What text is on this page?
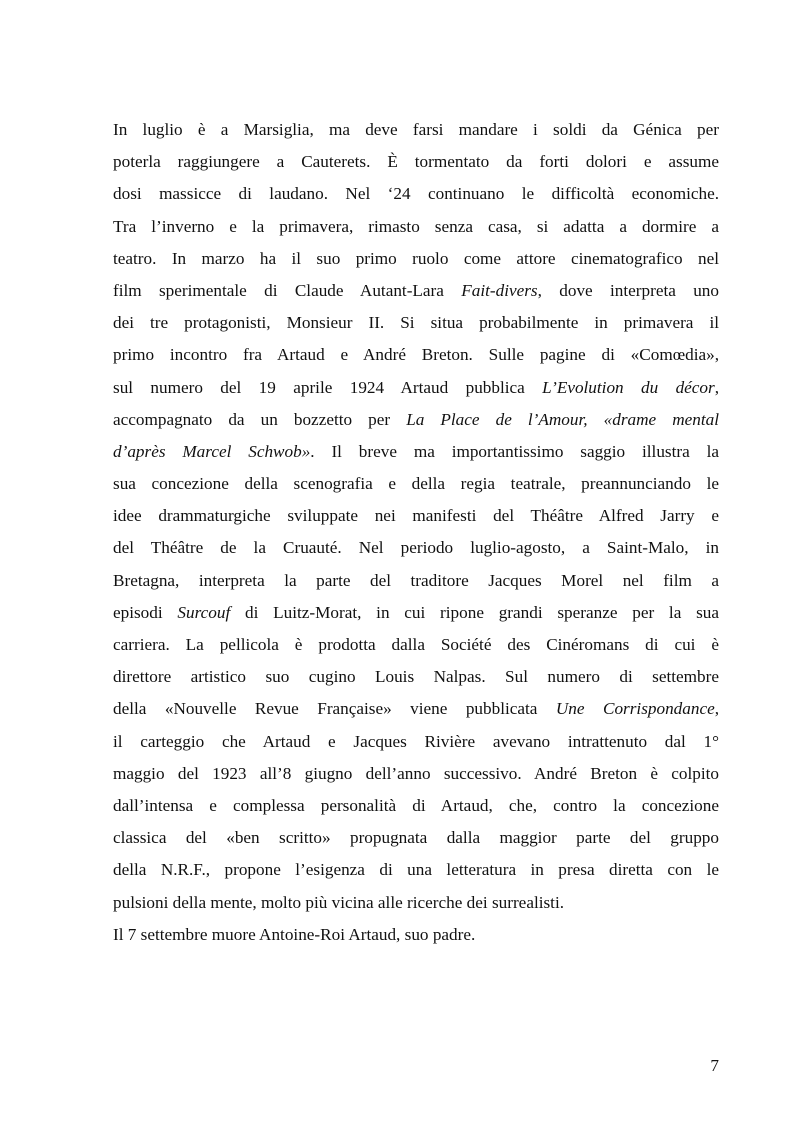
In luglio è a Marsiglia, ma deve farsi mandare i soldi da Génica per
poterla raggiungere a Cauterets. È tormentato da forti dolori e assume
dosi massicce di laudano. Nel ‘24 continuano le difficoltà economiche.
Tra l’inverno e la primavera, rimasto senza casa, si adatta a dormire a
teatro. In marzo ha il suo primo ruolo come attore cinematografico nel
film sperimentale di Claude Autant-Lara Fait-divers, dove interpreta uno
dei tre protagonisti, Monsieur II. Si situa probabilmente in primavera il
primo incontro fra Artaud e André Breton. Sulle pagine di «Comœdia»,
sul numero del 19 aprile 1924 Artaud pubblica L’Evolution du décor,
accompagnato da un bozzetto per La Place de l’Amour, «drame mental
d’après Marcel Schwob». Il breve ma importantissimo saggio illustra la
sua concezione della scenografia e della regia teatrale, preannunciando le
idee drammaturgiche sviluppate nei manifesti del Théâtre Alfred Jarry e
del Théâtre de la Cruauté. Nel periodo luglio-agosto, a Saint-Malo, in
Bretagna, interpreta la parte del traditore Jacques Morel nel film a
episodi Surcouf di Luitz-Morat, in cui ripone grandi speranze per la sua
carriera. La pellicola è prodotta dalla Société des Cinéromans di cui è
direttore artistico suo cugino Louis Nalpas. Sul numero di settembre
della «Nouvelle Revue Française» viene pubblicata Une Corrispondance,
il carteggio che Artaud e Jacques Rivière avevano intrattenuto dal 1°
maggio del 1923 all’8 giugno dell’anno successivo. André Breton è colpito
dall’intensa e complessa personalità di Artaud, che, contro la concezione
classica del «ben scritto» propugnata dalla maggior parte del gruppo
della N.R.F., propone l’esigenza di una letteratura in presa diretta con le
pulsioni della mente, molto più vicina alle ricerche dei surrealisti.
Il 7 settembre muore Antoine-Roi Artaud, suo padre.
7
